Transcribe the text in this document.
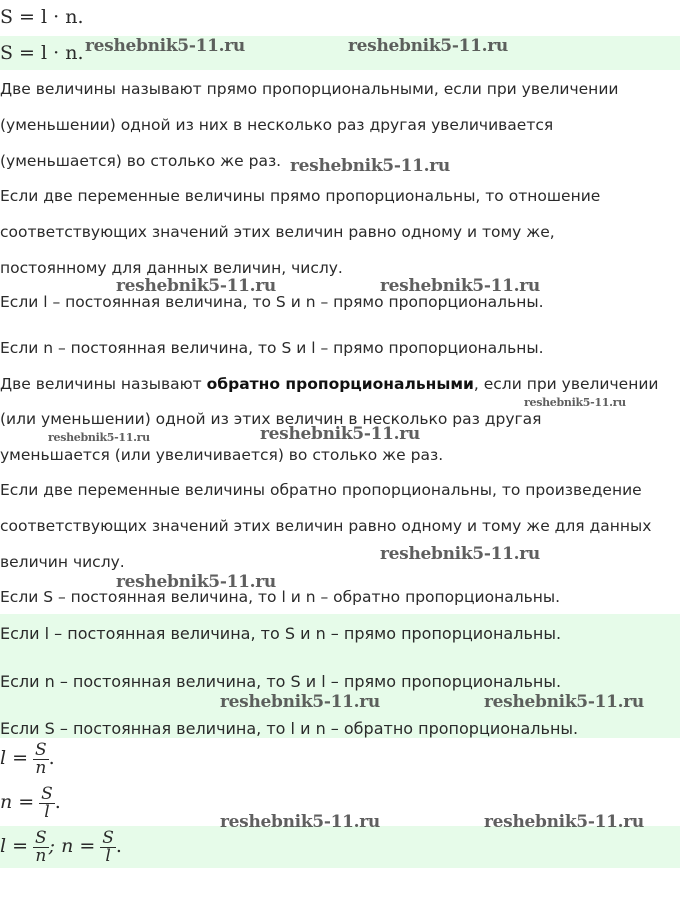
S = l · n.
S = l · n.
Две величины называют прямо пропорциональными, если при увеличении
(уменьшении) одной из них в несколько раз другая увеличивается
(уменьшается) во столько же раз.
Если две переменные величины прямо пропорциональны, то отношение
соответствующих значений этих величин равно одному и тому же,
постоянному для данных величин, числу.
Если l – постоянная величина, то S и n – прямо пропорциональны.
Если n – постоянная величина, то S и l – прямо пропорциональны.
Две величины называют обратно пропорциональными, если при увеличении
(или уменьшении) одной из этих величин в несколько раз другая
уменьшается (или увеличивается) во столько же раз.
Если две переменные величины обратно пропорциональны, то произведение
соответствующих значений этих величин равно одному и тому же для данных
величин числу.
Если S – постоянная величина, то l и n – обратно пропорциональны.
Если l – постоянная величина, то S и n – прямо пропорциональны.
Если n – постоянная величина, то S и l – прямо пропорциональны.
Если S – постоянная величина, то l и n – обратно пропорциональны.
$l = \frac{S}{n}$ .
$n = \frac{S}{l}$ .
$l = \frac{S}{n}$ ; $n = \frac{S}{l}$ .
reshebnik5-11.ru	reshebnik5-11.ru
reshebnik5-11.ru
reshebnik5-11.ru	reshebnik5-11.ru
reshebnik5-11.ru
reshebnik5-11.ru	reshebnik5-11.ru
reshebnik5-11.ru
reshebnik5-11.ru
reshebnik5-11.ru	reshebnik5-11.ru
reshebnik5-11.ru	reshebnik5-11.ru
